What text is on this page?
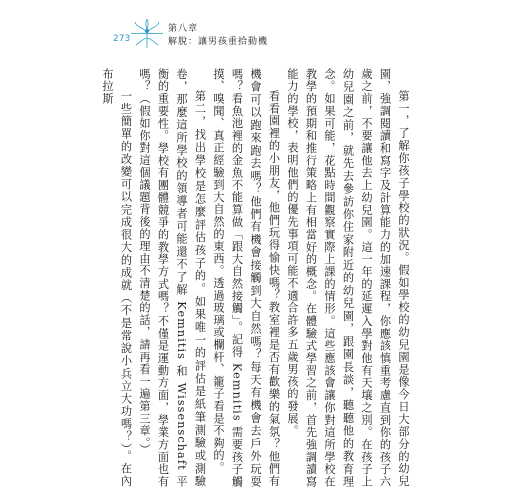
273
第八章
解脫：讓男孩重拾動機

第一，了解你孩子學校的狀況。假如學校的幼兒園是像今日大部分的幼兒園，強調閱讀和寫字及計算能力的加速課程，你應該慎重考慮直到你的孩子六歲之前，不要讓他去上幼兒園。這一年的延遲入學對他有天壤之別。在孩子上幼兒園之前，就先去參訪你住家附近的幼兒園，跟園長談，聽聽他的教育理念。如果可能，花點時間觀察實際上課的情形。這些應該會讓你對這所學校在教學的預期和推行策略上有相當好的概念。在體驗式學習之前，首先強調讀寫能力的學校，表明他們的優先事項可能不適合許多五歲男孩的發展。

看看園裡的小朋友，他們玩得愉快嗎？教室裡是否有歡樂的氣氛？他們有機會可以跑來跑去嗎？他們有機會接觸到大自然嗎？每天有機會去戶外玩耍嗎？看魚池裡的金魚不能算做「跟大自然接觸」。記得 Kemnitis 需要孩子觸摸、嗅聞、真正經驗到大自然的東西。透過玻璃或欄杆、籠子看是不夠的。

第二，找出學校是怎麼評估孩子的。如果唯一的評估是紙筆測驗或測驗卷，那麼這所學校的領導者可能還不了解 Kemnitis 和 Wissenschaft 平衡的重要性。學校有團體競爭的教學方式嗎？不僅是運動方面，學業方面也有嗎？（假如你對這個議題背後的理由不清楚的話，請再看一遍第三章。）

一些簡單的改變可以完成很大的成就（不是常說小兵立大功嗎？）。在內布拉斯
